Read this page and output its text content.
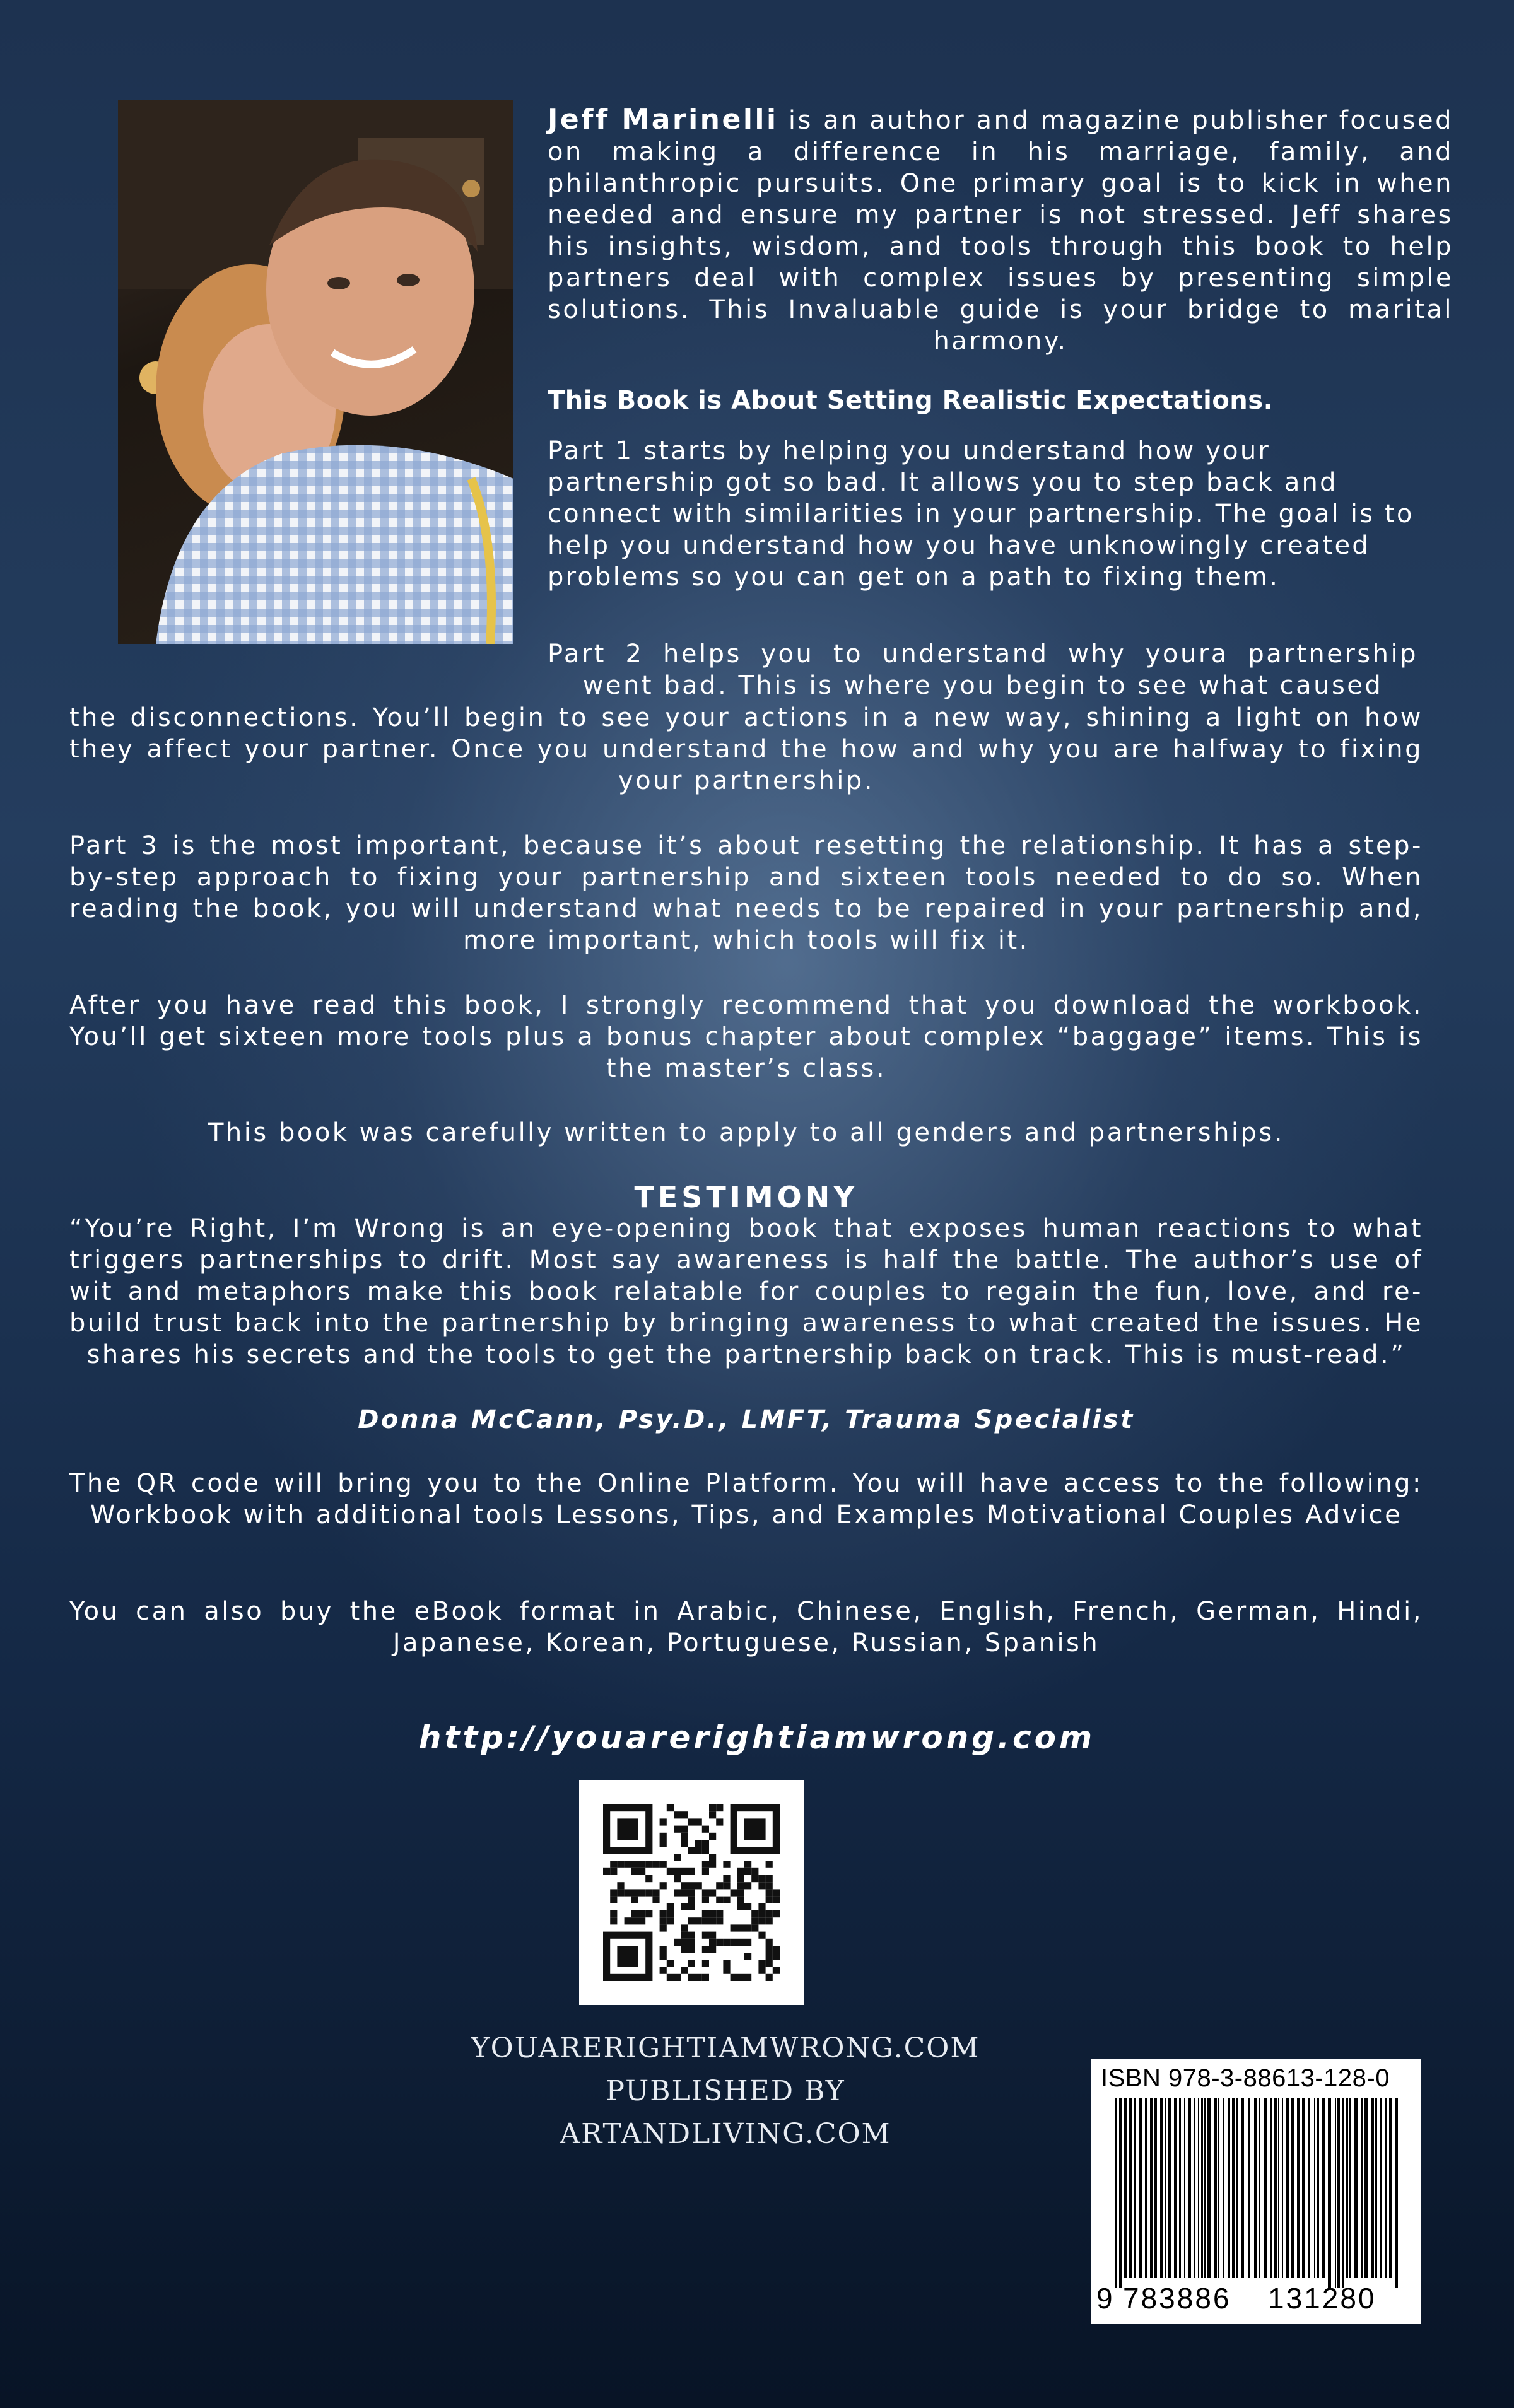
Jeff Marinelli is an author and magazine publisher focused on making a difference in his marriage, family, and philanthropic pursuits. One primary goal is to kick in when needed and ensure my partner is not stressed. Jeff shares his insights, wisdom, and tools through this book to help partners deal with complex issues by presenting simple solutions. This Invaluable guide is your bridge to marital harmony.

This Book is About Setting Realistic Expectations.

Part 1 starts by helping you understand how your partnership got so bad. It allows you to step back and connect with similarities in your partnership. The goal is to help you understand how you have unknowingly created problems so you can get on a path to fixing them.

Part 2 helps you to understand why youra partnership went bad. This is where you begin to see what caused

the disconnections. You’ll begin to see your actions in a new way, shining a light on how they affect your partner. Once you understand the how and why you are halfway to fixing your partnership.

Part 3 is the most important, because it’s about resetting the relationship. It has a step-by-step approach to fixing your partnership and sixteen tools needed to do so. When reading the book, you will understand what needs to be repaired in your partnership and, more important, which tools will fix it.

After you have read this book, I strongly recommend that you download the workbook. You’ll get sixteen more tools plus a bonus chapter about complex “baggage” items. This is the master’s class.

This book was carefully written to apply to all genders and partnerships.

TESTIMONY

“You’re Right, I’m Wrong is an eye-opening book that exposes human reactions to what triggers partnerships to drift. Most say awareness is half the battle. The author’s use of wit and metaphors make this book relatable for couples to regain the fun, love, and re-build trust back into the partnership by bringing awareness to what created the issues. He shares his secrets and the tools to get the partnership back on track. This is must-read.”

Donna McCann, Psy.D., LMFT, Trauma Specialist

The QR code will bring you to the Online Platform. You will have access to the following: Workbook with additional tools Lessons, Tips, and Examples Motivational Couples Advice

You can also buy the eBook format in Arabic, Chinese, English, French, German, Hindi, Japanese, Korean, Portuguese, Russian, Spanish

http://youarerightiamwrong.com
YOUARERIGHTIAMWRONG.COM
PUBLISHED BY
ARTANDLIVING.COM
ISBN 978-3-88613-128-0
9 783886 131280
